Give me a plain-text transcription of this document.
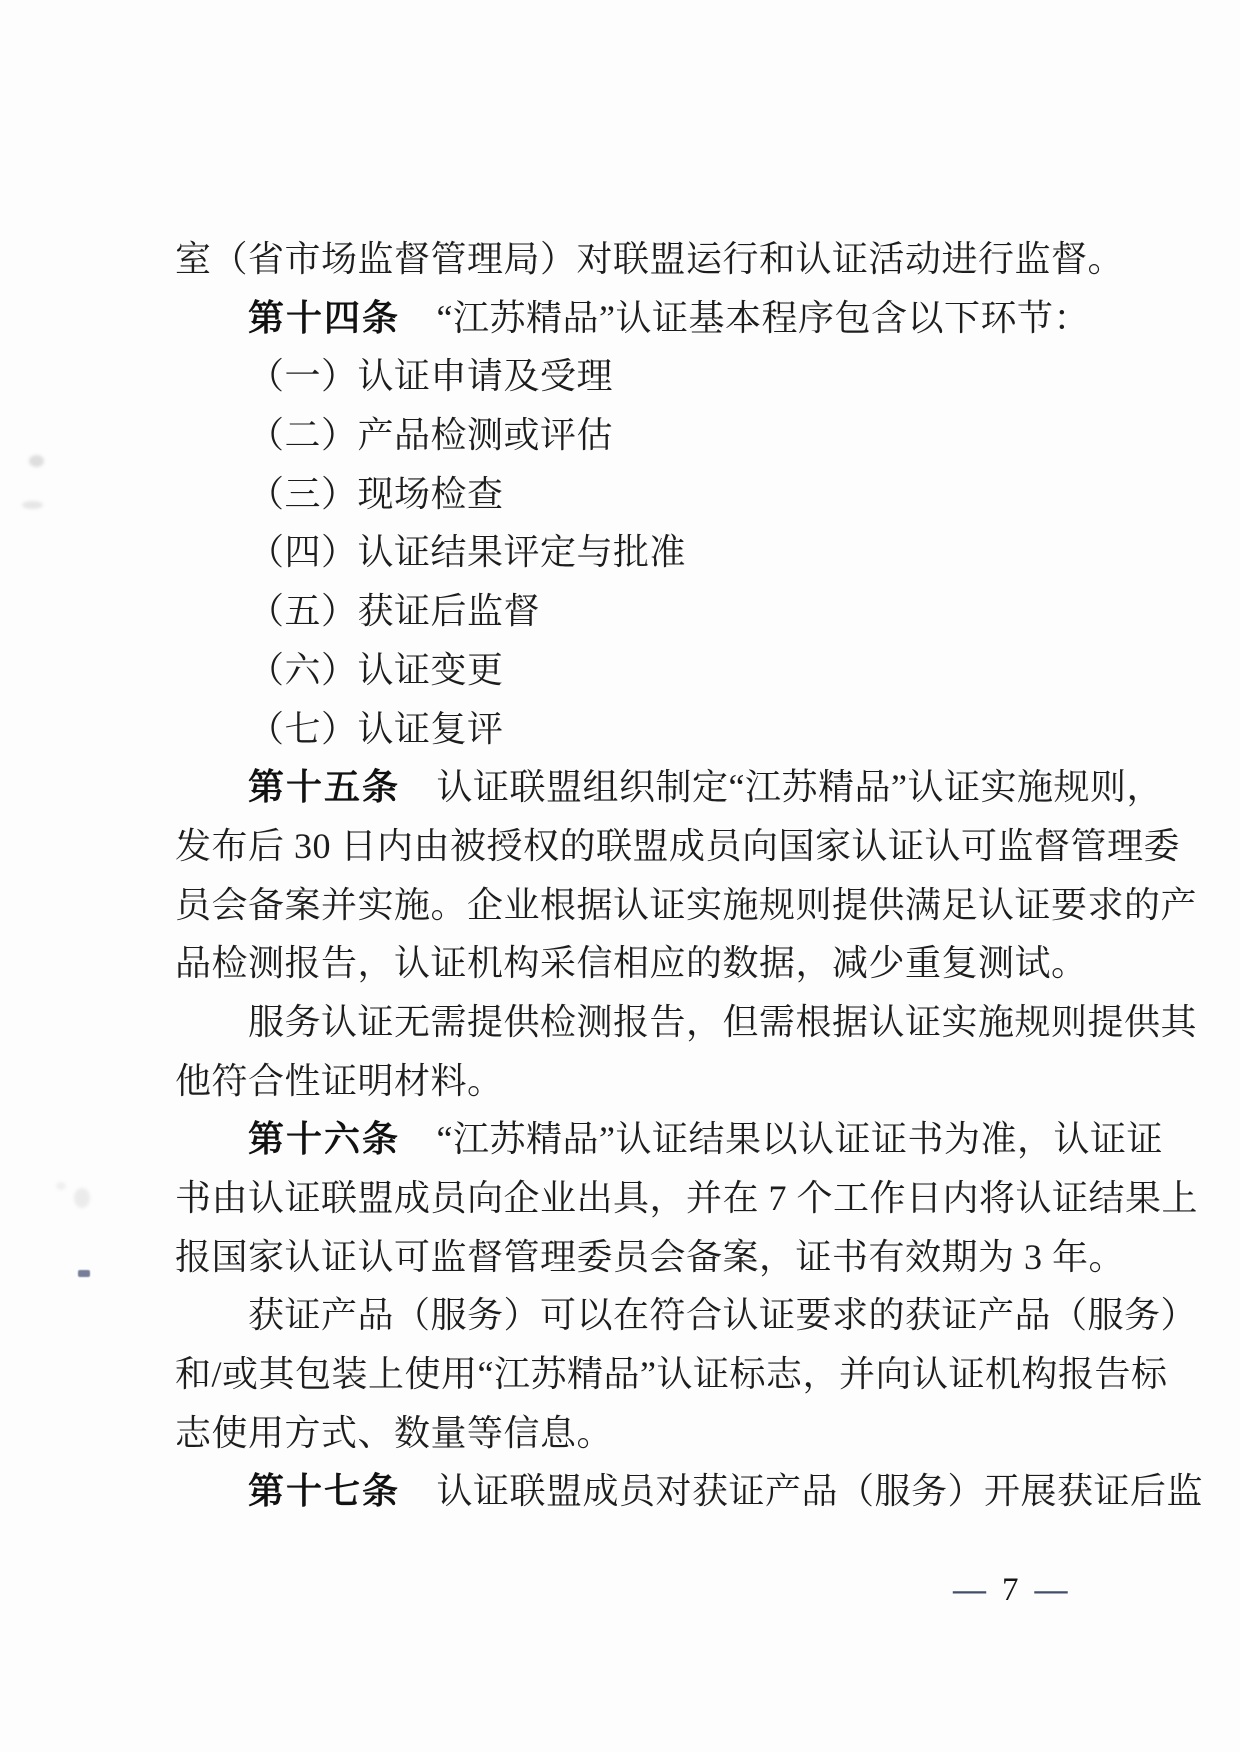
室（省市场监督管理局）对联盟运行和认证活动进行监督。
第十四条　“江苏精品”认证基本程序包含以下环节：
（一）认证申请及受理
（二）产品检测或评估
（三）现场检查
（四）认证结果评定与批准
（五）获证后监督
（六）认证变更
（七）认证复评
第十五条　认证联盟组织制定“江苏精品”认证实施规则，
发布后 30 日内由被授权的联盟成员向国家认证认可监督管理委
员会备案并实施。企业根据认证实施规则提供满足认证要求的产
品检测报告，认证机构采信相应的数据，减少重复测试。
服务认证无需提供检测报告，但需根据认证实施规则提供其
他符合性证明材料。
第十六条　“江苏精品”认证结果以认证证书为准，认证证
书由认证联盟成员向企业出具，并在 7 个工作日内将认证结果上
报国家认证认可监督管理委员会备案，证书有效期为 3 年。
获证产品（服务）可以在符合认证要求的获证产品（服务）
和/或其包装上使用“江苏精品”认证标志，并向认证机构报告标
志使用方式、数量等信息。
第十七条　认证联盟成员对获证产品（服务）开展获证后监
— 7 —
